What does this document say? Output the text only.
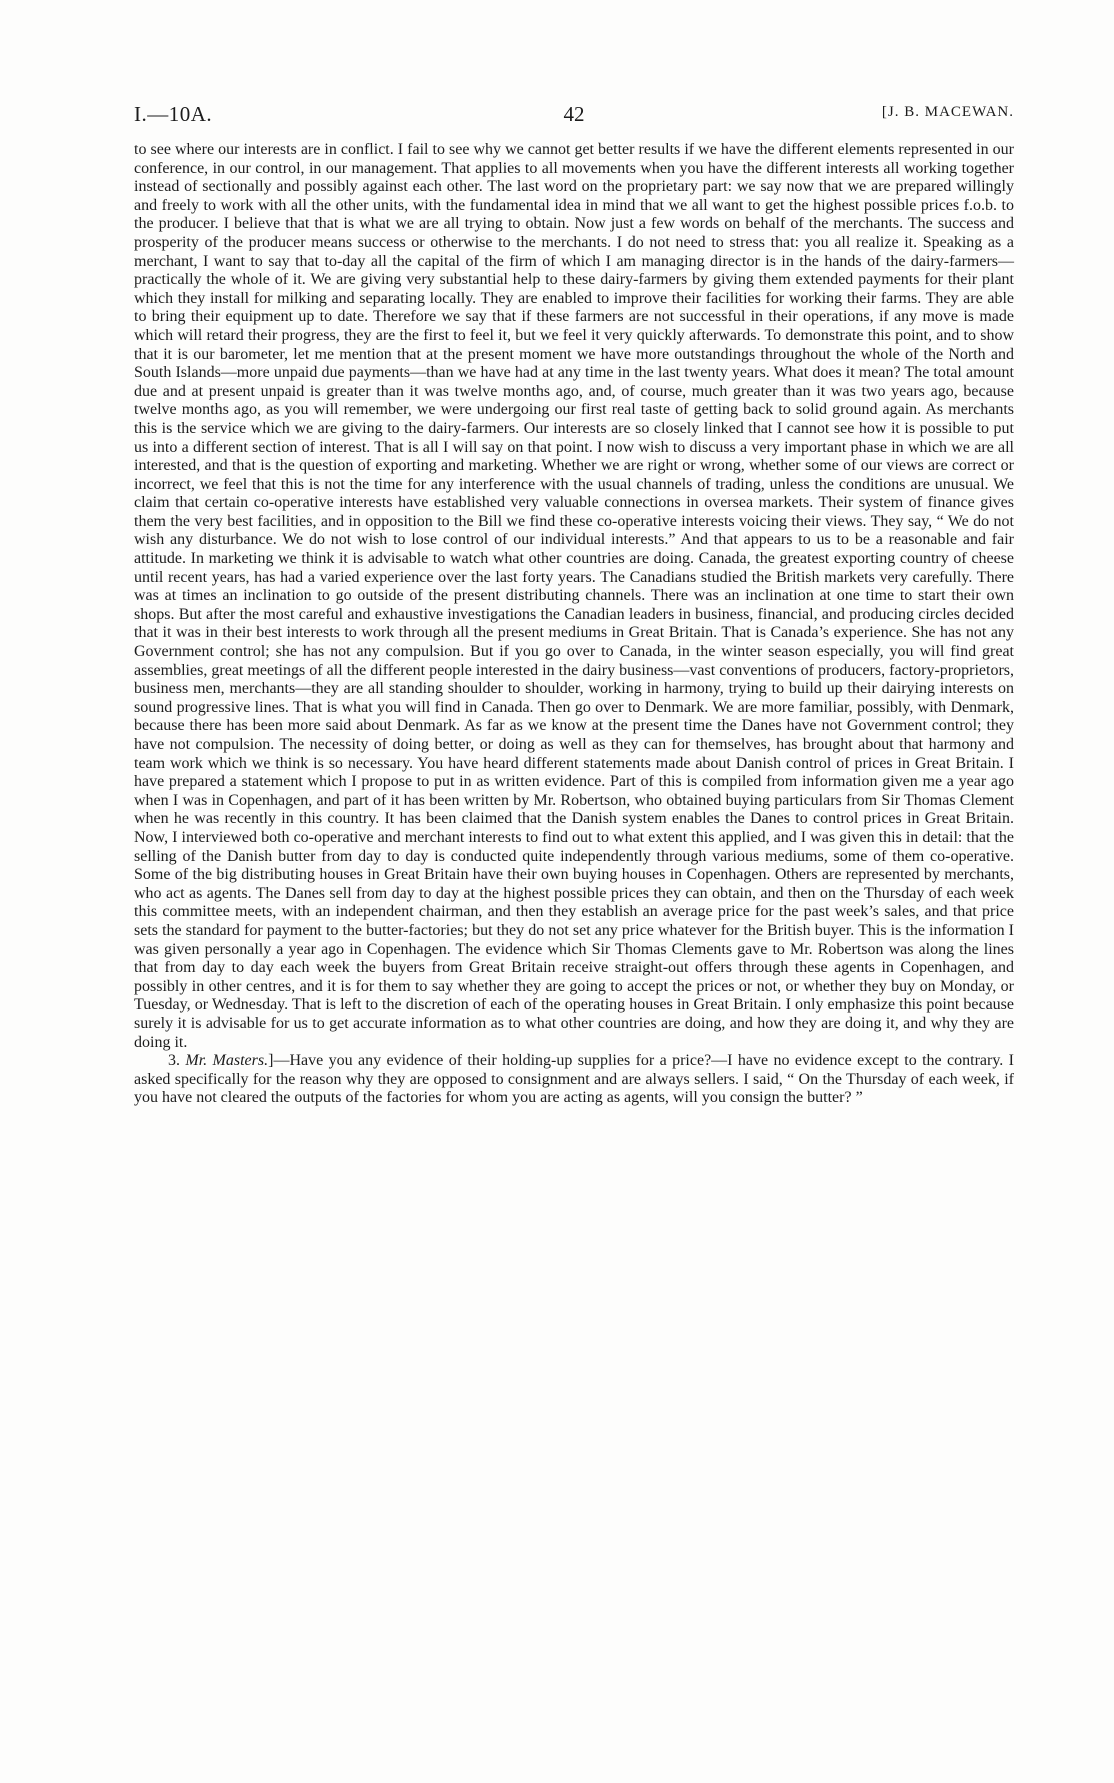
I.—10A.	42	[J. B. MACEWAN.

to see where our interests are in conflict. I fail to see why we cannot get better results if we have the different elements represented in our conference, in our control, in our management. That applies to all movements when you have the different interests all working together instead of sectionally and possibly against each other. The last word on the proprietary part: we say now that we are prepared willingly and freely to work with all the other units, with the fundamental idea in mind that we all want to get the highest possible prices f.o.b. to the producer. I believe that that is what we are all trying to obtain. Now just a few words on behalf of the merchants. The success and prosperity of the producer means success or otherwise to the merchants. I do not need to stress that: you all realize it. Speaking as a merchant, I want to say that to-day all the capital of the firm of which I am managing director is in the hands of the dairy-farmers—practically the whole of it. We are giving very substantial help to these dairy-farmers by giving them extended payments for their plant which they install for milking and separating locally. They are enabled to improve their facilities for working their farms. They are able to bring their equipment up to date. Therefore we say that if these farmers are not successful in their operations, if any move is made which will retard their progress, they are the first to feel it, but we feel it very quickly afterwards. To demonstrate this point, and to show that it is our barometer, let me mention that at the present moment we have more outstandings throughout the whole of the North and South Islands—more unpaid due payments—than we have had at any time in the last twenty years. What does it mean? The total amount due and at present unpaid is greater than it was twelve months ago, and, of course, much greater than it was two years ago, because twelve months ago, as you will remember, we were undergoing our first real taste of getting back to solid ground again. As merchants this is the service which we are giving to the dairy-farmers. Our interests are so closely linked that I cannot see how it is possible to put us into a different section of interest. That is all I will say on that point. I now wish to discuss a very important phase in which we are all interested, and that is the question of exporting and marketing. Whether we are right or wrong, whether some of our views are correct or incorrect, we feel that this is not the time for any interference with the usual channels of trading, unless the conditions are unusual. We claim that certain co-operative interests have established very valuable connections in oversea markets. Their system of finance gives them the very best facilities, and in opposition to the Bill we find these co-operative interests voicing their views. They say, “ We do not wish any disturbance. We do not wish to lose control of our individual interests.” And that appears to us to be a reasonable and fair attitude. In marketing we think it is advisable to watch what other countries are doing. Canada, the greatest exporting country of cheese until recent years, has had a varied experience over the last forty years. The Canadians studied the British markets very carefully. There was at times an inclination to go outside of the present distributing channels. There was an inclination at one time to start their own shops. But after the most careful and exhaustive investigations the Canadian leaders in business, financial, and producing circles decided that it was in their best interests to work through all the present mediums in Great Britain. That is Canada’s experience. She has not any Government control; she has not any compulsion. But if you go over to Canada, in the winter season especially, you will find great assemblies, great meetings of all the different people interested in the dairy business—vast conventions of producers, factory-proprietors, business men, merchants—they are all standing shoulder to shoulder, working in harmony, trying to build up their dairying interests on sound progressive lines. That is what you will find in Canada. Then go over to Denmark. We are more familiar, possibly, with Denmark, because there has been more said about Denmark. As far as we know at the present time the Danes have not Government control; they have not compulsion. The necessity of doing better, or doing as well as they can for themselves, has brought about that harmony and team work which we think is so necessary. You have heard different statements made about Danish control of prices in Great Britain. I have prepared a statement which I propose to put in as written evidence. Part of this is compiled from information given me a year ago when I was in Copenhagen, and part of it has been written by Mr. Robertson, who obtained buying particulars from Sir Thomas Clement when he was recently in this country. It has been claimed that the Danish system enables the Danes to control prices in Great Britain. Now, I interviewed both co-operative and merchant interests to find out to what extent this applied, and I was given this in detail: that the selling of the Danish butter from day to day is conducted quite independently through various mediums, some of them co-operative. Some of the big distributing houses in Great Britain have their own buying houses in Copenhagen. Others are represented by merchants, who act as agents. The Danes sell from day to day at the highest possible prices they can obtain, and then on the Thursday of each week this committee meets, with an independent chairman, and then they establish an average price for the past week’s sales, and that price sets the standard for payment to the butter-factories; but they do not set any price whatever for the British buyer. This is the information I was given personally a year ago in Copenhagen. The evidence which Sir Thomas Clements gave to Mr. Robertson was along the lines that from day to day each week the buyers from Great Britain receive straight-out offers through these agents in Copenhagen, and possibly in other centres, and it is for them to say whether they are going to accept the prices or not, or whether they buy on Monday, or Tuesday, or Wednesday. That is left to the discretion of each of the operating houses in Great Britain. I only emphasize this point because surely it is advisable for us to get accurate information as to what other countries are doing, and how they are doing it, and why they are doing it.

3. Mr. Masters.]—Have you any evidence of their holding-up supplies for a price?—I have no evidence except to the contrary. I asked specifically for the reason why they are opposed to consignment and are always sellers. I said, “ On the Thursday of each week, if you have not cleared the outputs of the factories for whom you are acting as agents, will you consign the butter? ”
